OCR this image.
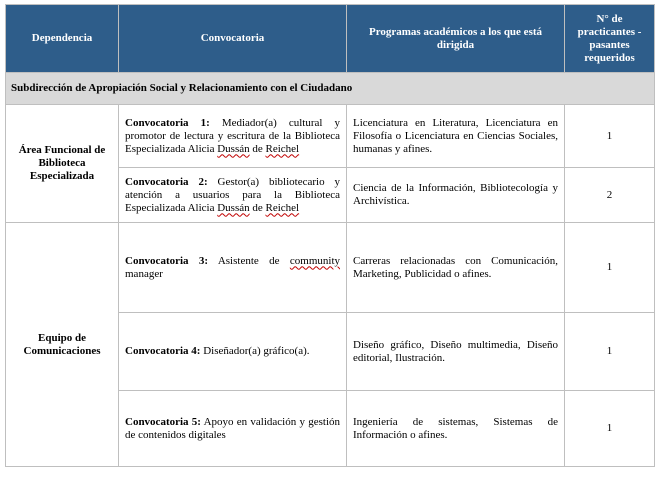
Dependencia	Convocatoria	Programas académicos a los que está dirigida	N° de practicantes - pasantes requeridos
Subdirección de Apropiación Social y Relacionamiento con el Ciudadano			
Área Funcional de Biblioteca Especializada	Convocatoria 1: Mediador(a) cultural y promotor de lectura y escritura de la Biblioteca Especializada Alicia Dussán de Reichel	Licenciatura en Literatura, Licenciatura en Filosofía o Licenciatura en Ciencias Sociales, humanas y afines.	1
	Convocatoria 2: Gestor(a) bibliotecario y atención a usuarios para la Biblioteca Especializada Alicia Dussán de Reichel	Ciencia de la Información, Bibliotecología y Archivística.	2
Equipo de Comunicaciones	Convocatoria 3: Asistente de community manager	Carreras relacionadas con Comunicación, Marketing, Publicidad o afines.	1
	Convocatoria 4: Diseñador(a) gráfico(a).	Diseño gráfico, Diseño multimedia, Diseño editorial, Ilustración.	1
	Convocatoria 5: Apoyo en validación y gestión de contenidos digitales	Ingeniería de sistemas, Sistemas de Información o afines.	1
